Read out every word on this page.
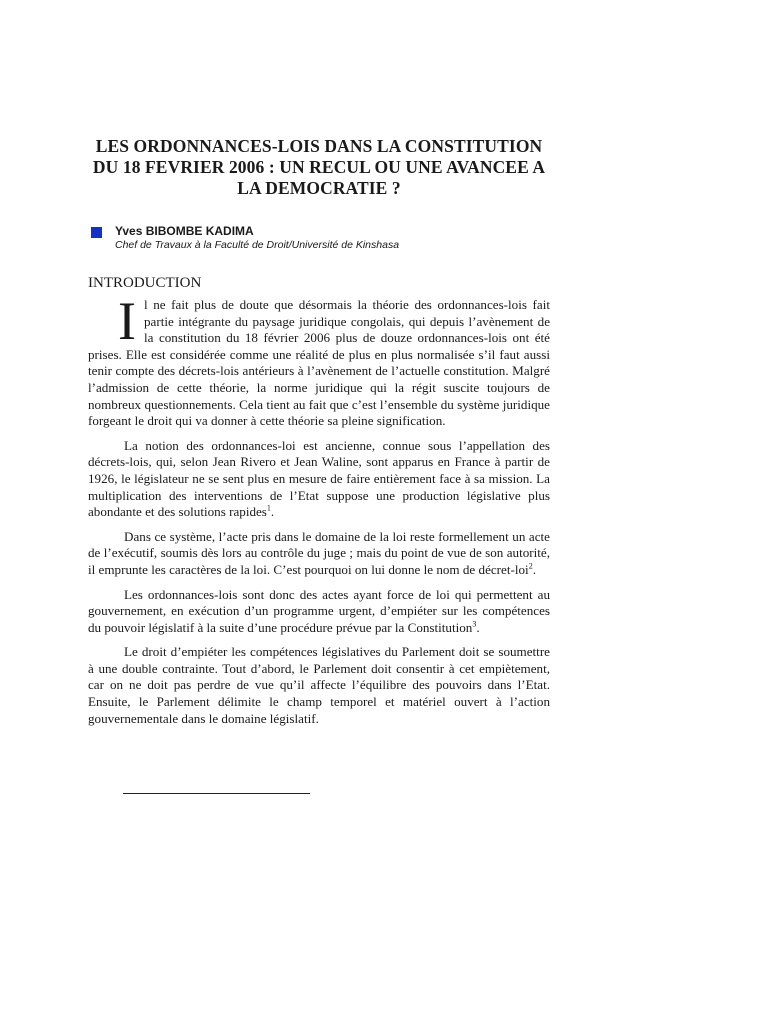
LES ORDONNANCES-LOIS DANS LA CONSTITUTION DU 18 FEVRIER 2006 : UN RECUL OU UNE AVANCEE A LA DEMOCRATIE ?
Yves BIBOMBE KADIMA
Chef de Travaux à la Faculté de Droit/Université de Kinshasa
INTRODUCTION

Il ne fait plus de doute que désormais la théorie des ordonnances-lois fait partie intégrante du paysage juridique congolais, qui depuis l’avènement de la constitution du 18 février 2006 plus de douze ordonnances-lois ont été prises. Elle est considérée comme une réalité de plus en plus normalisée s’il faut aussi tenir compte des décrets-lois antérieurs à l’avènement de l’actuelle constitution. Malgré l’admission de cette théorie, la norme juridique qui la régit suscite toujours de nombreux questionnements. Cela tient au fait que c’est l’ensemble du système juridique forgeant le droit qui va donner à cette théorie sa pleine signification.

La notion des ordonnances-loi est ancienne, connue sous l’appellation des décrets-lois, qui, selon Jean Rivero et Jean Waline, sont apparus en France à partir de 1926, le législateur ne se sent plus en mesure de faire entièrement face à sa mission. La multiplication des interventions de l’Etat suppose une production législative plus abondante et des solutions rapides$^1$.

Dans ce système, l’acte pris dans le domaine de la loi reste formellement un acte de l’exécutif, soumis dès lors au contrôle du juge ; mais du point de vue de son autorité, il emprunte les caractères de la loi. C’est pourquoi on lui donne le nom de décret-loi$^2$.

Les ordonnances-lois sont donc des actes ayant force de loi qui permettent au gouvernement, en exécution d’un programme urgent, d’empiéter sur les compétences du pouvoir législatif à la suite d’une procédure prévue par la Constitution$^3$.

Le droit d’empiéter les compétences législatives du Parlement doit se soumettre à une double contrainte. Tout d’abord, le Parlement doit consentir à cet empiètement, car on ne doit pas perdre de vue qu’il affecte l’équilibre des pouvoirs dans l’Etat. Ensuite, le Parlement délimite le champ temporel et matériel ouvert à l’action gouvernementale dans le domaine législatif.
